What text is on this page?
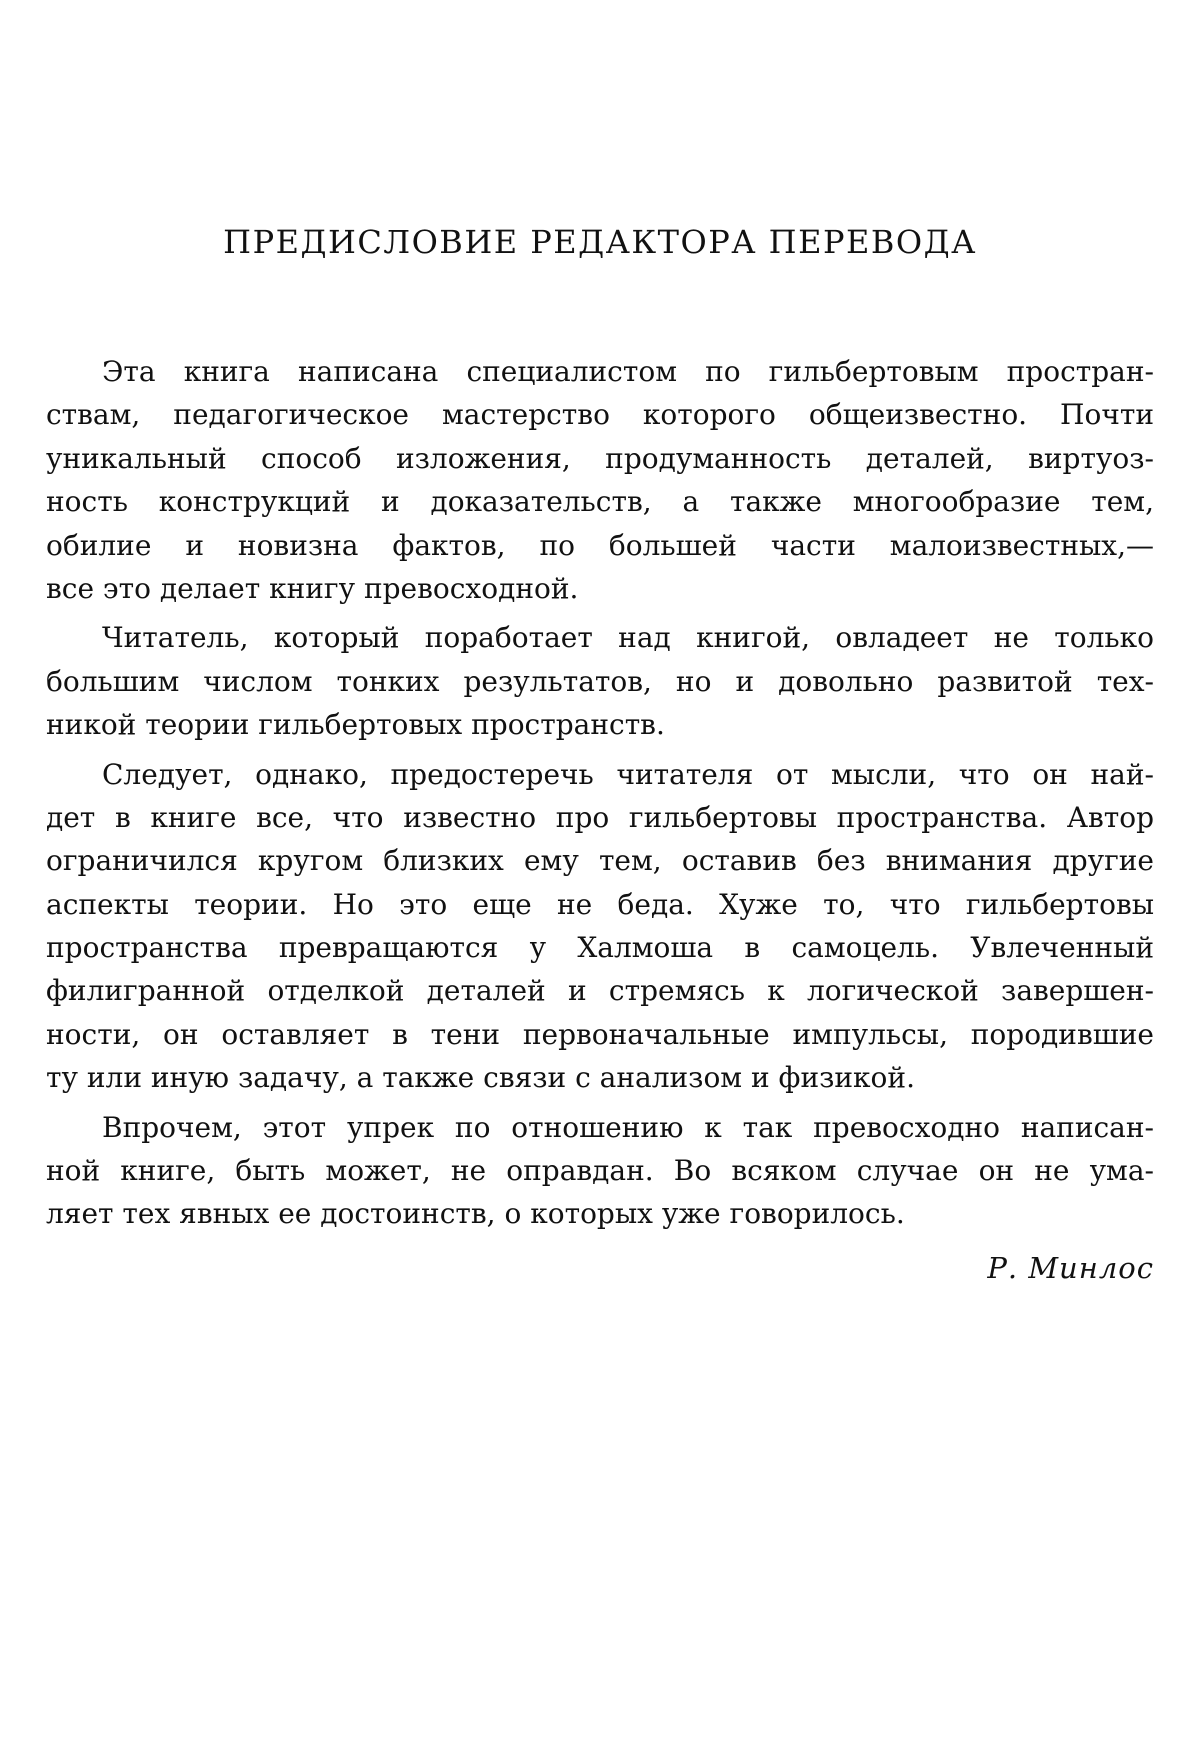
ПРЕДИСЛОВИЕ РЕДАКТОРА ПЕРЕВОДА
Эта книга написана специалистом по гильбертовым простран-
ствам, педагогическое мастерство которого общеизвестно. Почти
уникальный способ изложения, продуманность деталей, виртуоз-
ность конструкций и доказательств, а также многообразие тем,
обилие и новизна фактов, по большей части малоизвестных,—
все это делает книгу превосходной.
Читатель, который поработает над книгой, овладеет не только
большим числом тонких результатов, но и довольно развитой тех-
никой теории гильбертовых пространств.
Следует, однако, предостеречь читателя от мысли, что он най-
дет в книге все, что известно про гильбертовы пространства. Автор
ограничился кругом близких ему тем, оставив без внимания другие
аспекты теории. Но это еще не беда. Хуже то, что гильбертовы
пространства превращаются у Халмоша в самоцель. Увлеченный
филигранной отделкой деталей и стремясь к логической завершен-
ности, он оставляет в тени первоначальные импульсы, породившие
ту или иную задачу, а также связи с анализом и физикой.
Впрочем, этот упрек по отношению к так превосходно написан-
ной книге, быть может, не оправдан. Во всяком случае он не ума-
ляет тех явных ее достоинств, о которых уже говорилось.
Р. Минлос
